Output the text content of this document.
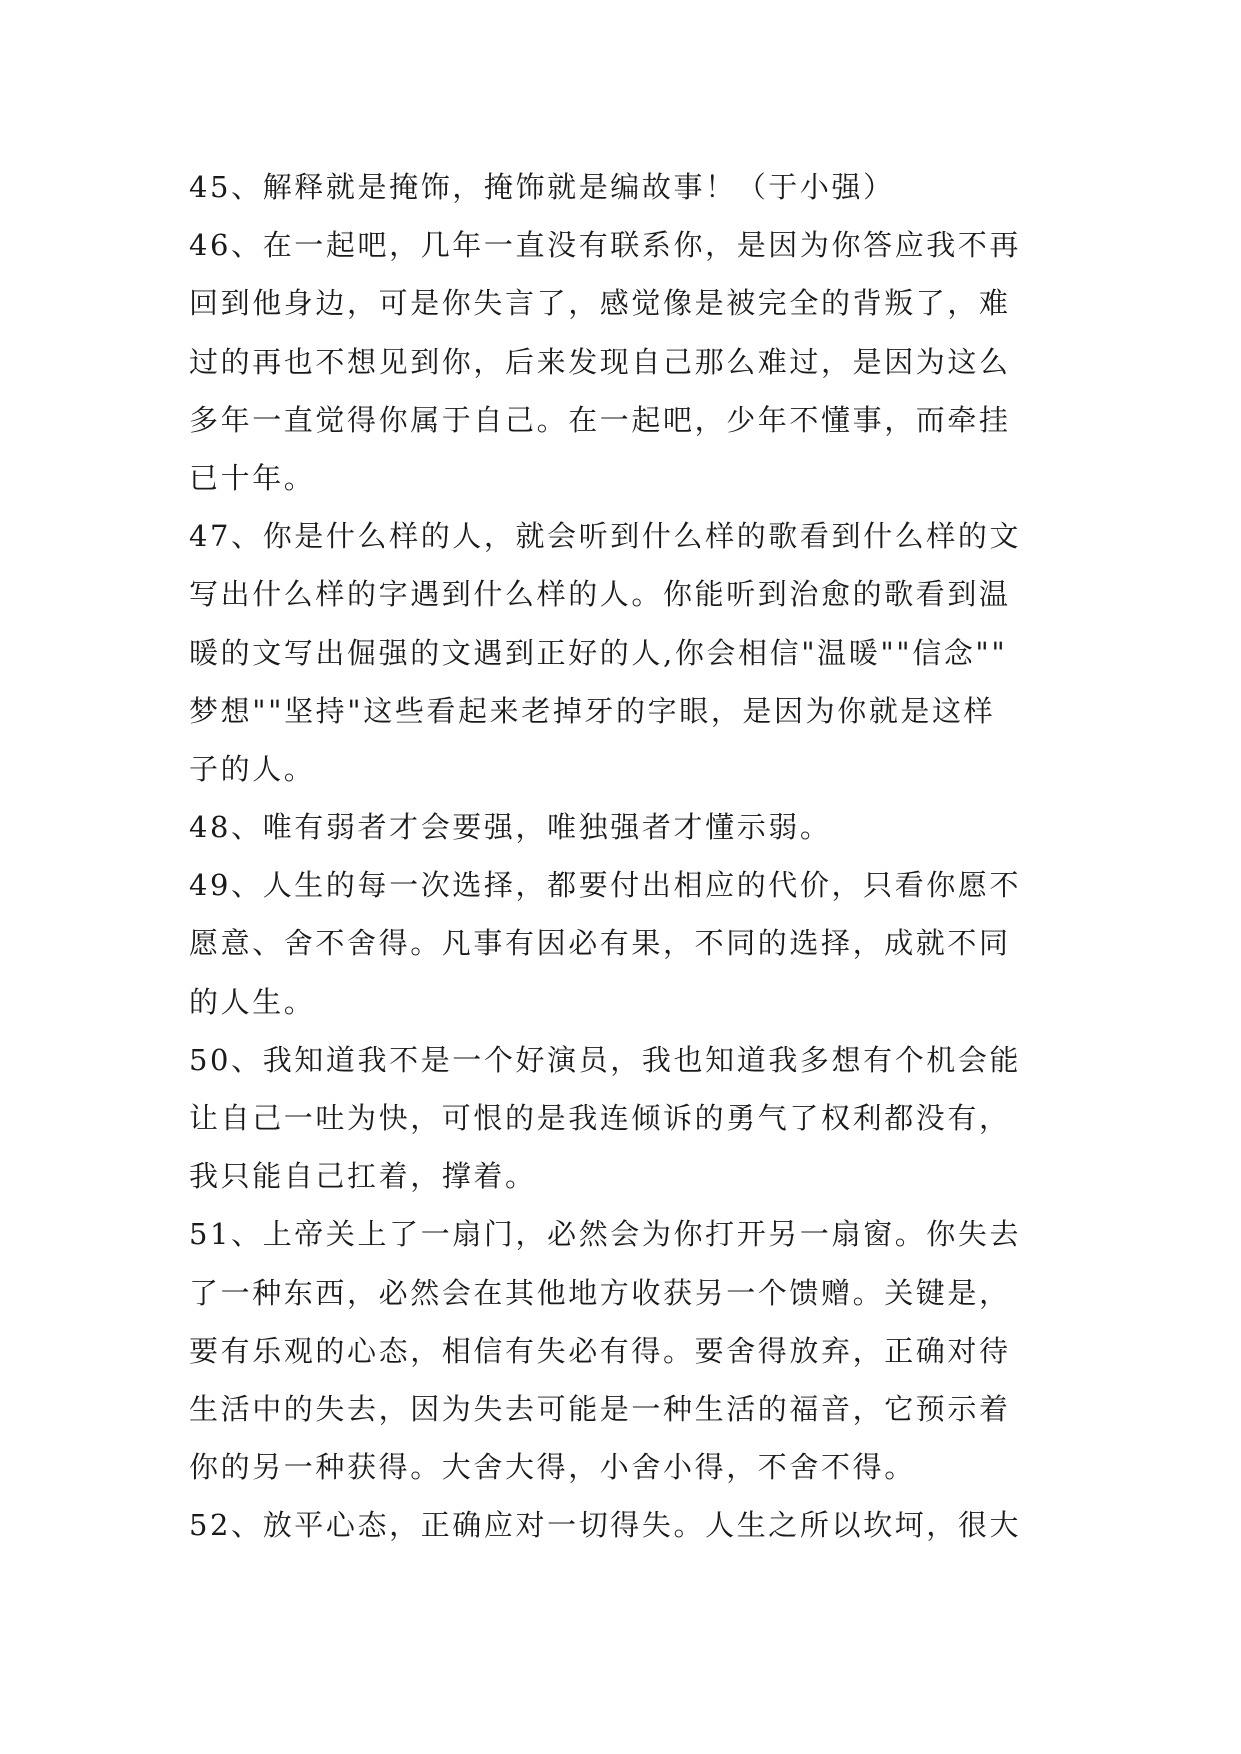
45、解释就是掩饰，掩饰就是编故事！（于小强）
46、在一起吧，几年一直没有联系你，是因为你答应我不再
回到他身边，可是你失言了，感觉像是被完全的背叛了，难
过的再也不想见到你，后来发现自己那么难过，是因为这么
多年一直觉得你属于自己。在一起吧，少年不懂事，而牵挂
已十年。
47、你是什么样的人，就会听到什么样的歌看到什么样的文
写出什么样的字遇到什么样的人。你能听到治愈的歌看到温
暖的文写出倔强的文遇到正好的人,你会相信"温暖""信念""
梦想""坚持"这些看起来老掉牙的字眼，是因为你就是这样
子的人。
48、唯有弱者才会要强，唯独强者才懂示弱。
49、人生的每一次选择，都要付出相应的代价，只看你愿不
愿意、舍不舍得。凡事有因必有果，不同的选择，成就不同
的人生。
50、我知道我不是一个好演员，我也知道我多想有个机会能
让自己一吐为快，可恨的是我连倾诉的勇气了权利都没有，
我只能自己扛着，撑着。
51、上帝关上了一扇门，必然会为你打开另一扇窗。你失去
了一种东西，必然会在其他地方收获另一个馈赠。关键是，
要有乐观的心态，相信有失必有得。要舍得放弃，正确对待
生活中的失去，因为失去可能是一种生活的福音，它预示着
你的另一种获得。大舍大得，小舍小得，不舍不得。
52、放平心态，正确应对一切得失。人生之所以坎坷，很大
